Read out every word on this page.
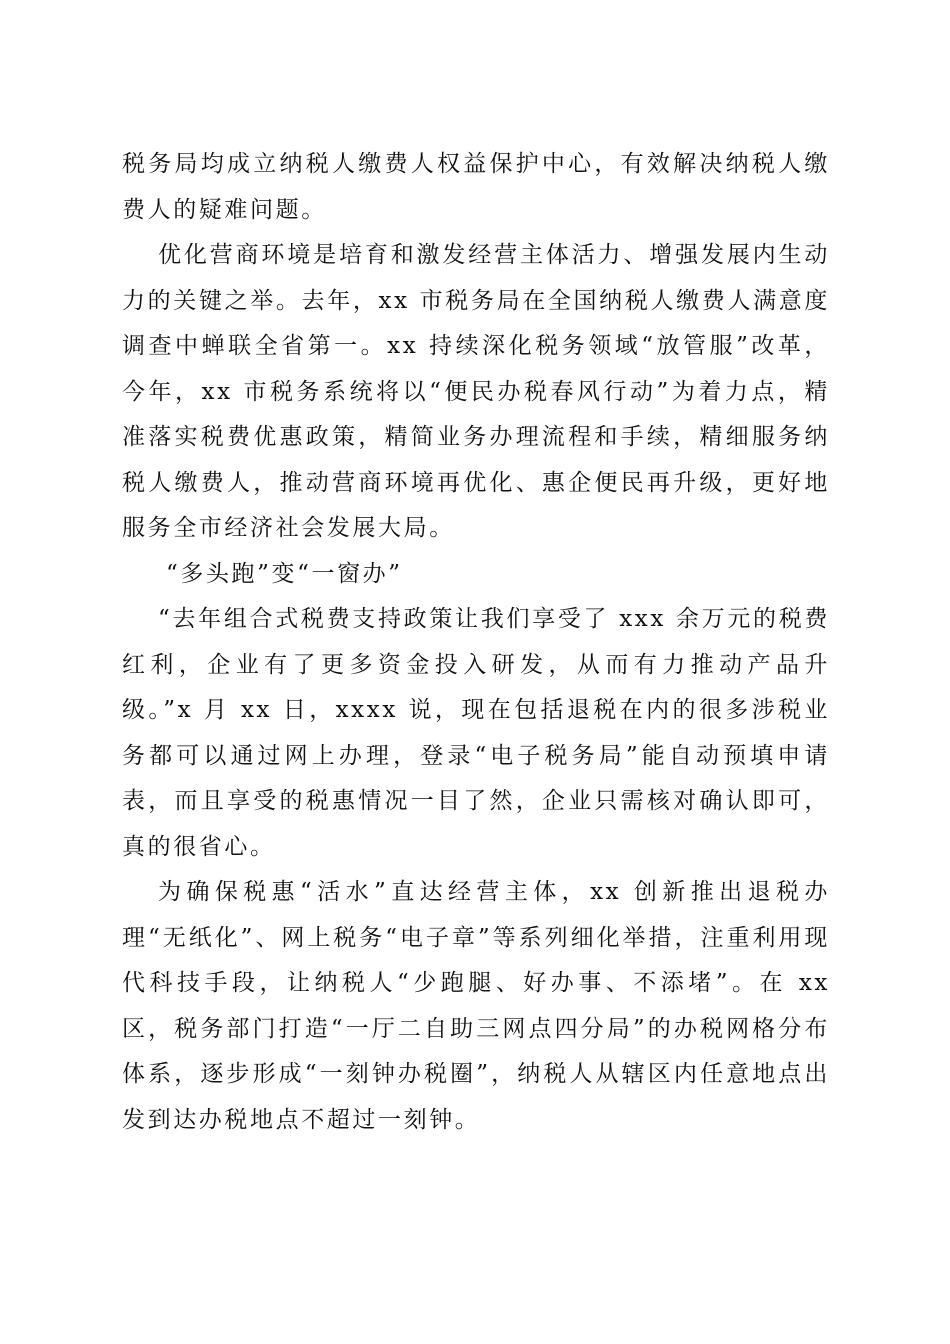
税务局均成立纳税人缴费人权益保护中心，有效解决纳税人缴费人的疑难问题。

优化营商环境是培育和激发经营主体活力、增强发展内生动力的关键之举。去年，xx 市税务局在全国纳税人缴费人满意度调查中蝉联全省第一。xx 持续深化税务领域“放管服”改革，今年，xx 市税务系统将以“便民办税春风行动”为着力点，精准落实税费优惠政策，精简业务办理流程和手续，精细服务纳税人缴费人，推动营商环境再优化、惠企便民再升级，更好地服务全市经济社会发展大局。

“多头跑”变“一窗办”

“去年组合式税费支持政策让我们享受了 xxx 余万元的税费红利，企业有了更多资金投入研发，从而有力推动产品升级。”x 月 xx 日，xxxx 说，现在包括退税在内的很多涉税业务都可以通过网上办理，登录“电子税务局”能自动预填申请表，而且享受的税惠情况一目了然，企业只需核对确认即可，真的很省心。

为确保税惠“活水”直达经营主体，xx 创新推出退税办理“无纸化”、网上税务“电子章”等系列细化举措，注重利用现代科技手段，让纳税人“少跑腿、好办事、不添堵”。在 xx 区，税务部门打造“一厅二自助三网点四分局”的办税网格分布体系，逐步形成“一刻钟办税圈”，纳税人从辖区内任意地点出发到达办税地点不超过一刻钟。
